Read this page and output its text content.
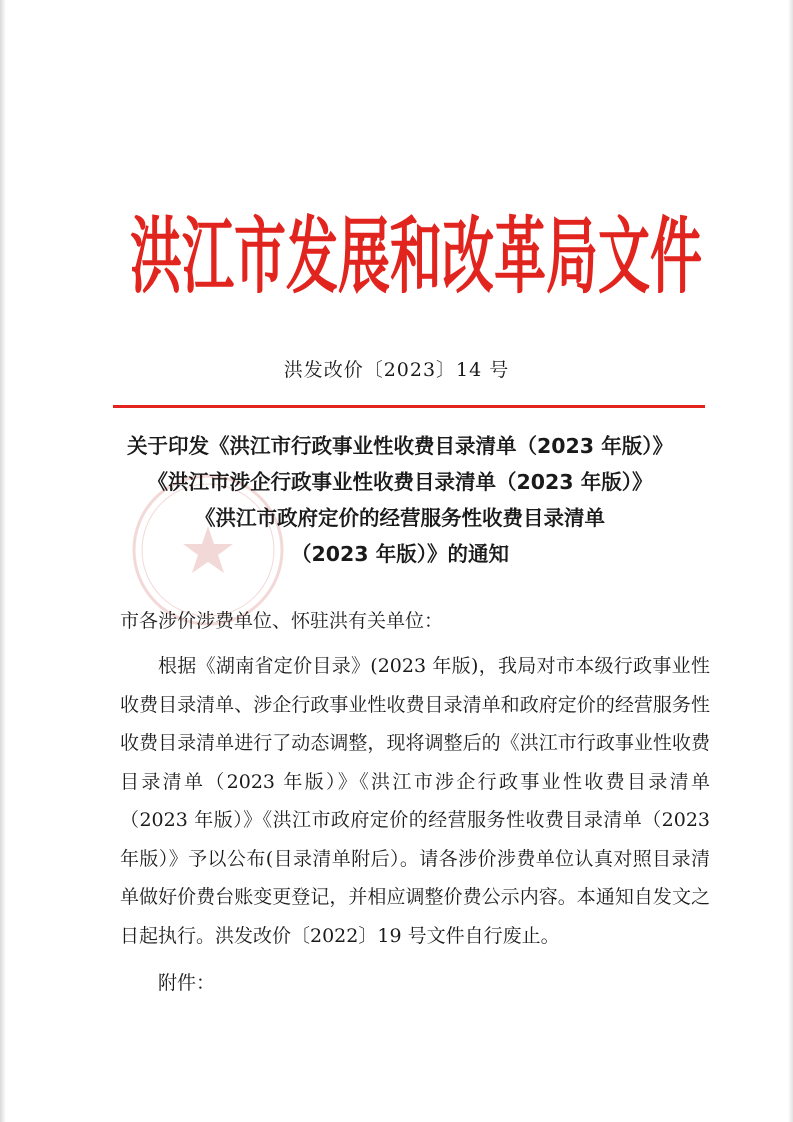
洪江市发展和改革局文件
洪发改价〔2023〕14 号
关于印发《洪江市行政事业性收费目录清单（2023 年版）》
《洪江市涉企行政事业性收费目录清单（2023 年版）》
《洪江市政府定价的经营服务性收费目录清单
（2023 年版）》的通知
市各涉价涉费单位、怀驻洪有关单位：

根据《湖南省定价目录》(2023 年版)，我局对市本级行政事业性收费目录清单、涉企行政事业性收费目录清单和政府定价的经营服务性收费目录清单进行了动态调整，现将调整后的《洪江市行政事业性收费目录清单（2023 年版）》《洪江市涉企行政事业性收费目录清单（2023 年版）》《洪江市政府定价的经营服务性收费目录清单（2023 年版）》予以公布(目录清单附后）。请各涉价涉费单位认真对照目录清单做好价费台账变更登记，并相应调整价费公示内容。本通知自发文之日起执行。洪发改价〔2022〕19 号文件自行废止。

附件：
